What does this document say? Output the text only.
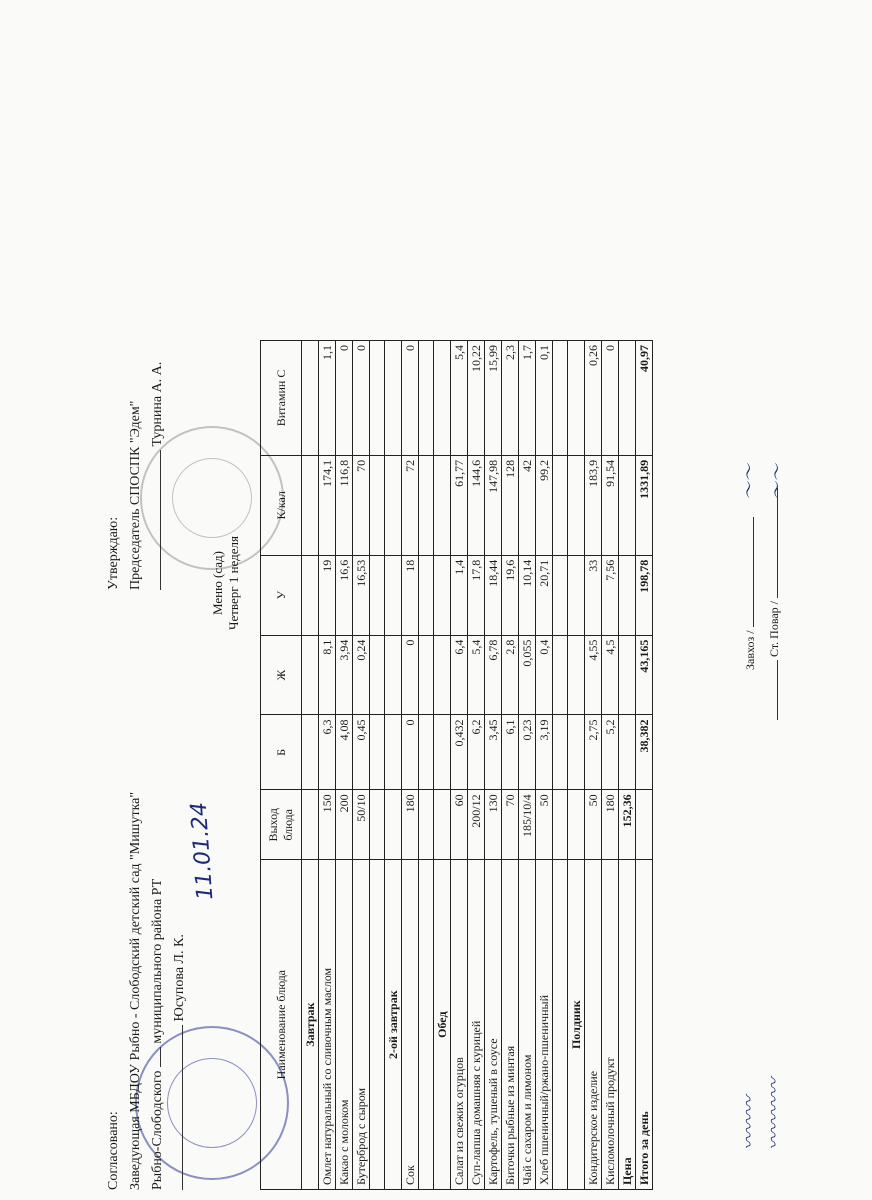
Согласовано: Заведующая МБДОУ Рыбно - Слободский детский сад "Мишутка" Рыбно-Слободского  муниципального района РТ Юсупова Л. К.
Утверждаю: Председатель СПОСПК "Эдем" Турнина А. А.
11.01.24
Меню (сад) Четверг 1 неделя
Наименование блюда	Выход блюда	Б	Ж	У	К/кал	Витамин С
Завтрак						
Омлет натуральный со сливочным маслом	150	6,3	8,1	19	174,1	1,1
Какао с молоком	200	4,08	3,94	16,6	116,8	0
Бутерброд с сыром	50/10	0,45	0,24	16,53	70	0

2-ой завтрак						
Сок	180	0	0	18	72	0

Обед						
Салат из свежих огурцов	60	0,432	6,4	1,4	61,77	5,4
Суп-лапша домашняя с курицей	200/12	6,2	5,4	17,8	144,6	10,22
Картофель, тушеный в соусе	130	3,45	6,78	18,44	147,98	15,99
Биточки рыбные из минтая	70	6,1	2,8	19,6	128	2,3
Чай с сахаром и лимоном	185/10/4	0,23	0,055	10,14	42	1,7
Хлеб пшеничный/ржано-пшеничный	50	3,19	0,4	20,71	99,2	0,1

Полдник						
Кондитерское изделие	50	2,75	4,55	33	183,9	0,26
Кисломолочный продукт	180	5,2	4,5	7,56	91,54	0
Цена	152,36					
Итого за день		38,382	43,165	198,78	1331,89	40,97
Завхоз / Ст. Повар /
〰〰〰 〰〰〰〰
〜〜 〜〜
